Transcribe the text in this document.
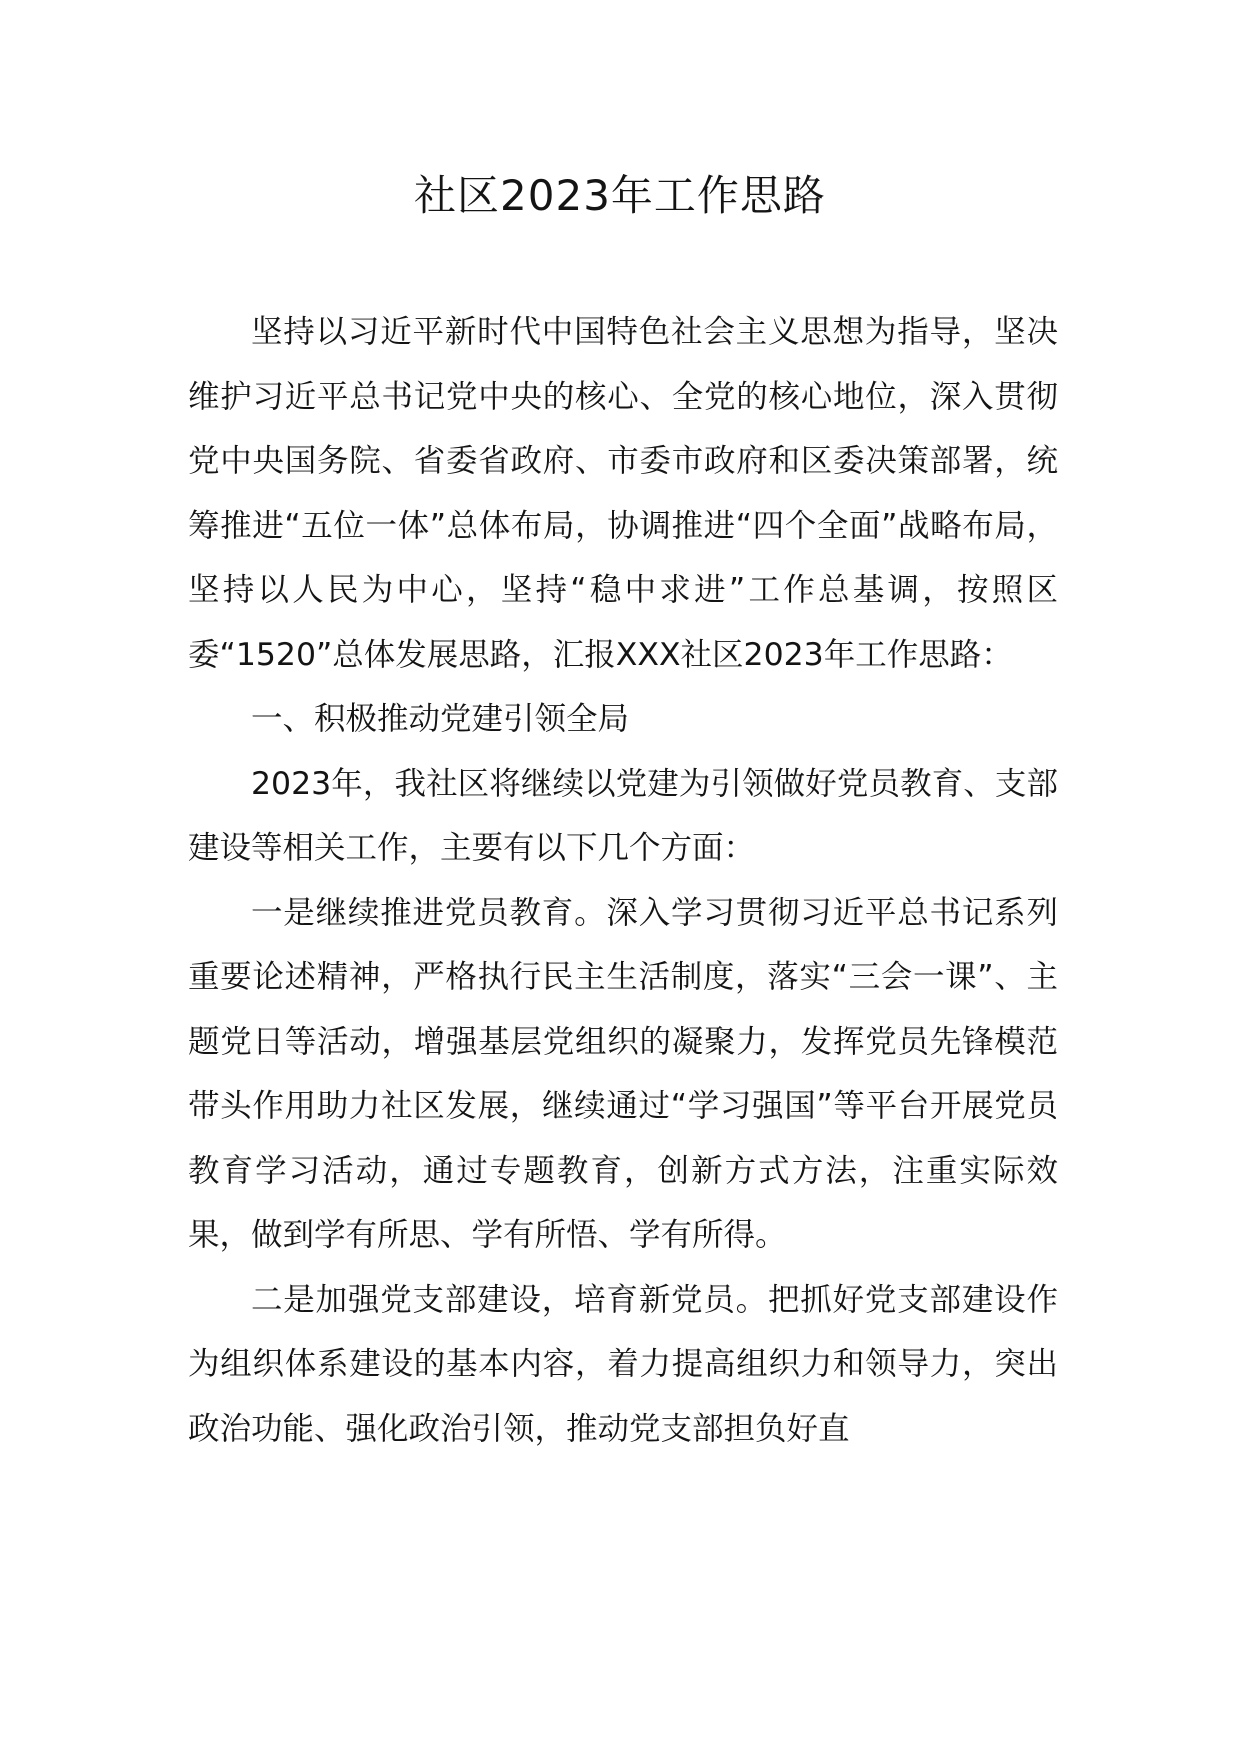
社区2023年工作思路

坚持以习近平新时代中国特色社会主义思想为指导，坚决维护习近平总书记党中央的核心、全党的核心地位，深入贯彻党中央国务院、省委省政府、市委市政府和区委决策部署，统筹推进“五位一体”总体布局，协调推进“四个全面”战略布局，坚持以人民为中心，坚持“稳中求进”工作总基调，按照区委“1520”总体发展思路，汇报XXX社区2023年工作思路：

一、积极推动党建引领全局

2023年，我社区将继续以党建为引领做好党员教育、支部建设等相关工作，主要有以下几个方面：

一是继续推进党员教育。深入学习贯彻习近平总书记系列重要论述精神，严格执行民主生活制度，落实“三会一课”、主题党日等活动，增强基层党组织的凝聚力，发挥党员先锋模范带头作用助力社区发展，继续通过“学习强国”等平台开展党员教育学习活动，通过专题教育，创新方式方法，注重实际效果，做到学有所思、学有所悟、学有所得。

二是加强党支部建设，培育新党员。把抓好党支部建设作为组织体系建设的基本内容，着力提高组织力和领导力，突出政治功能、强化政治引领，推动党支部担负好直
